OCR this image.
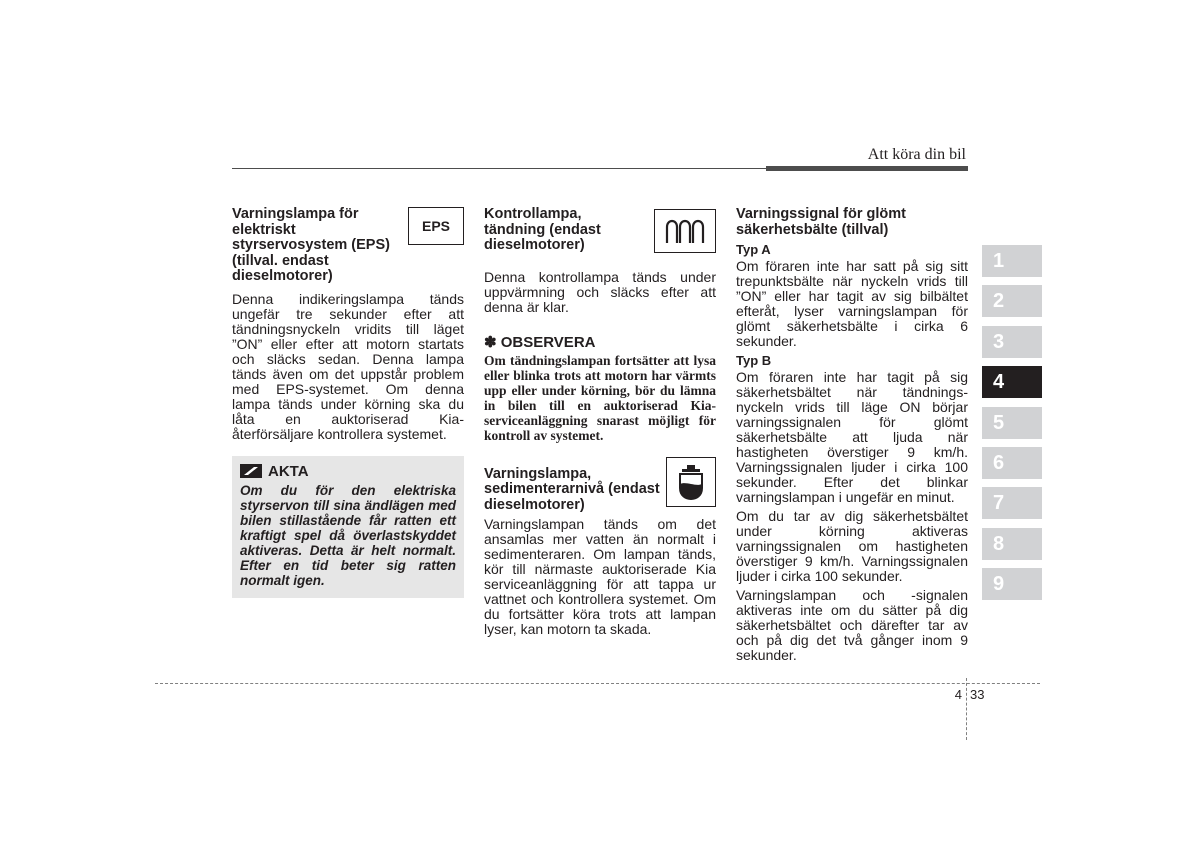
Att köra din bil

Varningslampa för elektriskt styrservosystem (EPS) (tillval. endast dieselmotorer)

EPS

Denna indikeringslampa tänds ungefär tre sekunder efter att tändningsnyckeln vridits till läget ”ON” eller efter att motorn startats och släcks sedan. Denna lampa tänds även om det uppstår problem med EPS-systemet. Om denna lampa tänds under körning ska du låta en auktoriserad Kia-återförsäljare kontrollera systemet.

AKTA
Om du för den elektriska styrservon till sina ändlägen med bilen stillastående får ratten ett kraftigt spel då överlastskyddet aktiveras. Detta är helt normalt. Efter en tid beter sig ratten normalt igen.

Kontrollampa, tändning (endast dieselmotorer)

Denna kontrollampa tänds under uppvärmning och släcks efter att denna är klar.

✽ OBSERVERA

Om tändningslampan fortsätter att lysa eller blinka trots att motorn har värmts upp eller under körning, bör du lämna in bilen till en auktoriserad Kia-serviceanläggning snarast möjligt för kontroll av systemet.

Varningslampa, sedimenterarnivå (endast dieselmotorer)

Varningslampan tänds om det ansamlas mer vatten än normalt i sedimenteraren. Om lampan tänds, kör till närmaste auktoriserade Kia serviceanläggning för att tappa ur vattnet och kontrollera systemet. Om du fortsätter köra trots att lampan lyser, kan motorn ta skada.

Varningssignal för glömt säkerhetsbälte (tillval)

Typ A

Om föraren inte har satt på sig sitt trepunktsbälte när nyckeln vrids till ”ON” eller har tagit av sig bilbältet efteråt, lyser varningslampan för glömt säkerhetsbälte i cirka 6 sekunder.

Typ B

Om föraren inte har tagit på sig säkerhetsbältet när tändnings-nyckeln vrids till läge ON börjar varningssignalen för glömt säkerhetsbälte att ljuda när hastigheten överstiger 9 km/h. Varningssignalen ljuder i cirka 100 sekunder. Efter det blinkar varningslampan i ungefär en minut.

Om du tar av dig säkerhetsbältet under körning aktiveras varningssignalen om hastigheten överstiger 9 km/h. Varningssignalen ljuder i cirka 100 sekunder.

Varningslampan och -signalen aktiveras inte om du sätter på dig säkerhetsbältet och därefter tar av och på dig det två gånger inom 9 sekunder.

1
2
3
4
5
6
7
8
9
4 33
